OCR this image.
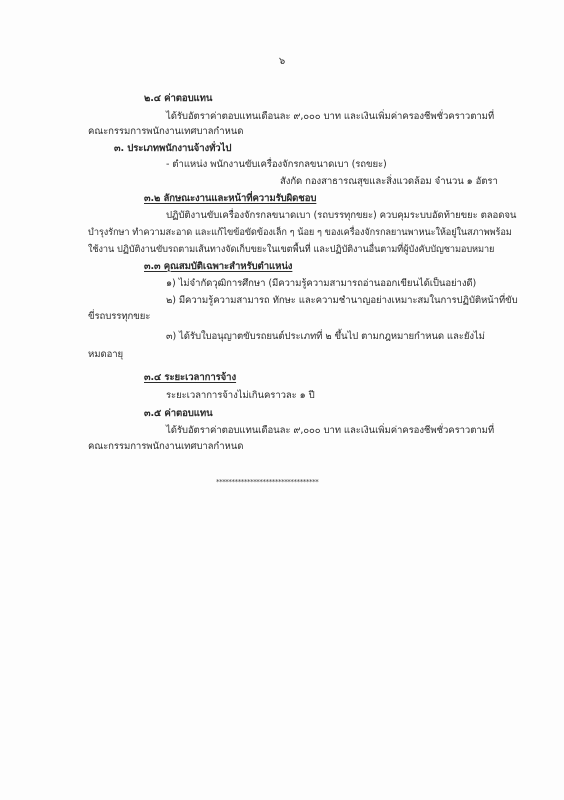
๖
๒.๔ ค่าตอบแทน
ได้รับอัตราค่าตอบแทนเดือนละ ๙,๐๐๐ บาท และเงินเพิ่มค่าครองชีพชั่วคราวตามที่
คณะกรรมการพนักงานเทศบาลกำหนด
๓. ประเภทพนักงานจ้างทั่วไป
- ตำแหน่ง พนักงานขับเครื่องจักรกลขนาดเบา (รถขยะ)
สังกัด กองสาธารณสุขและสิ่งแวดล้อม จำนวน ๑ อัตรา
๓.๒ ลักษณะงานและหน้าที่ความรับผิดชอบ
ปฏิบัติงานขับเครื่องจักรกลขนาดเบา (รถบรรทุกขยะ) ควบคุมระบบอัดท้ายขยะ ตลอดจน
บำรุงรักษา ทำความสะอาด และแก้ไขข้อขัดข้องเล็ก ๆ น้อย ๆ ของเครื่องจักรกลยานพาหนะให้อยู่ในสภาพพร้อม
ใช้งาน ปฏิบัติงานขับรถตามเส้นทางจัดเก็บขยะในเขตพื้นที่ และปฏิบัติงานอื่นตามที่ผู้บังคับบัญชามอบหมาย
๓.๓ คุณสมบัติเฉพาะสำหรับตำแหน่ง
๑) ไม่จำกัดวุฒิการศึกษา (มีความรู้ความสามารถอ่านออกเขียนได้เป็นอย่างดี)
๒) มีความรู้ความสามารถ ทักษะ และความชำนาญอย่างเหมาะสมในการปฏิบัติหน้าที่ขับ
ขี่รถบรรทุกขยะ
๓) ได้รับใบอนุญาตขับรถยนต์ประเภทที่ ๒ ขึ้นไป ตามกฎหมายกำหนด และยังไม่
หมดอายุ
๓.๔ ระยะเวลาการจ้าง
ระยะเวลาการจ้างไม่เกินคราวละ ๑ ปี
๓.๕ ค่าตอบแทน
ได้รับอัตราค่าตอบแทนเดือนละ ๙,๐๐๐ บาท และเงินเพิ่มค่าครองชีพชั่วคราวตามที่
คณะกรรมการพนักงานเทศบาลกำหนด
*********************************
